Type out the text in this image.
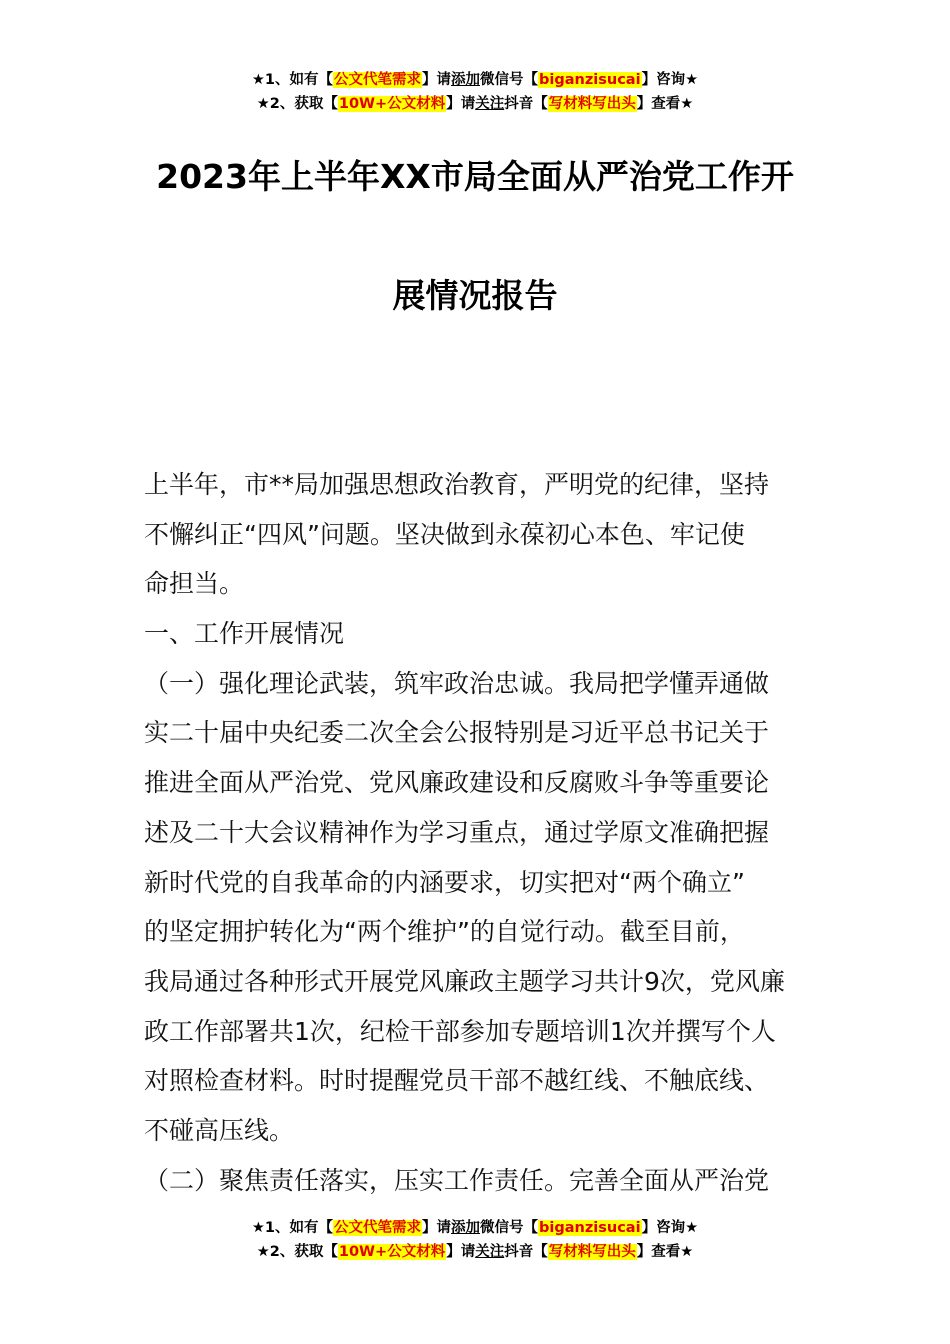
★1、如有【公文代笔需求】请添加微信号【biganzisucai】咨询★
★2、获取【10W+公文材料】请关注抖音【写材料写出头】查看★
2023年上半年XX市局全面从严治党工作开
展情况报告
上半年，市**局加强思想政治教育，严明党的纪律，坚持
不懈纠正“四风”问题。坚决做到永葆初心本色、牢记使
命担当。
一、工作开展情况
（一）强化理论武装，筑牢政治忠诚。我局把学懂弄通做
实二十届中央纪委二次全会公报特别是习近平总书记关于
推进全面从严治党、党风廉政建设和反腐败斗争等重要论
述及二十大会议精神作为学习重点，通过学原文准确把握
新时代党的自我革命的内涵要求，切实把对“两个确立”
的坚定拥护转化为“两个维护”的自觉行动。截至目前，
我局通过各种形式开展党风廉政主题学习共计9次，党风廉
政工作部署共1次，纪检干部参加专题培训1次并撰写个人
对照检查材料。时时提醒党员干部不越红线、不触底线、
不碰高压线。
（二）聚焦责任落实，压实工作责任。完善全面从严治党
★1、如有【公文代笔需求】请添加微信号【biganzisucai】咨询★
★2、获取【10W+公文材料】请关注抖音【写材料写出头】查看★
